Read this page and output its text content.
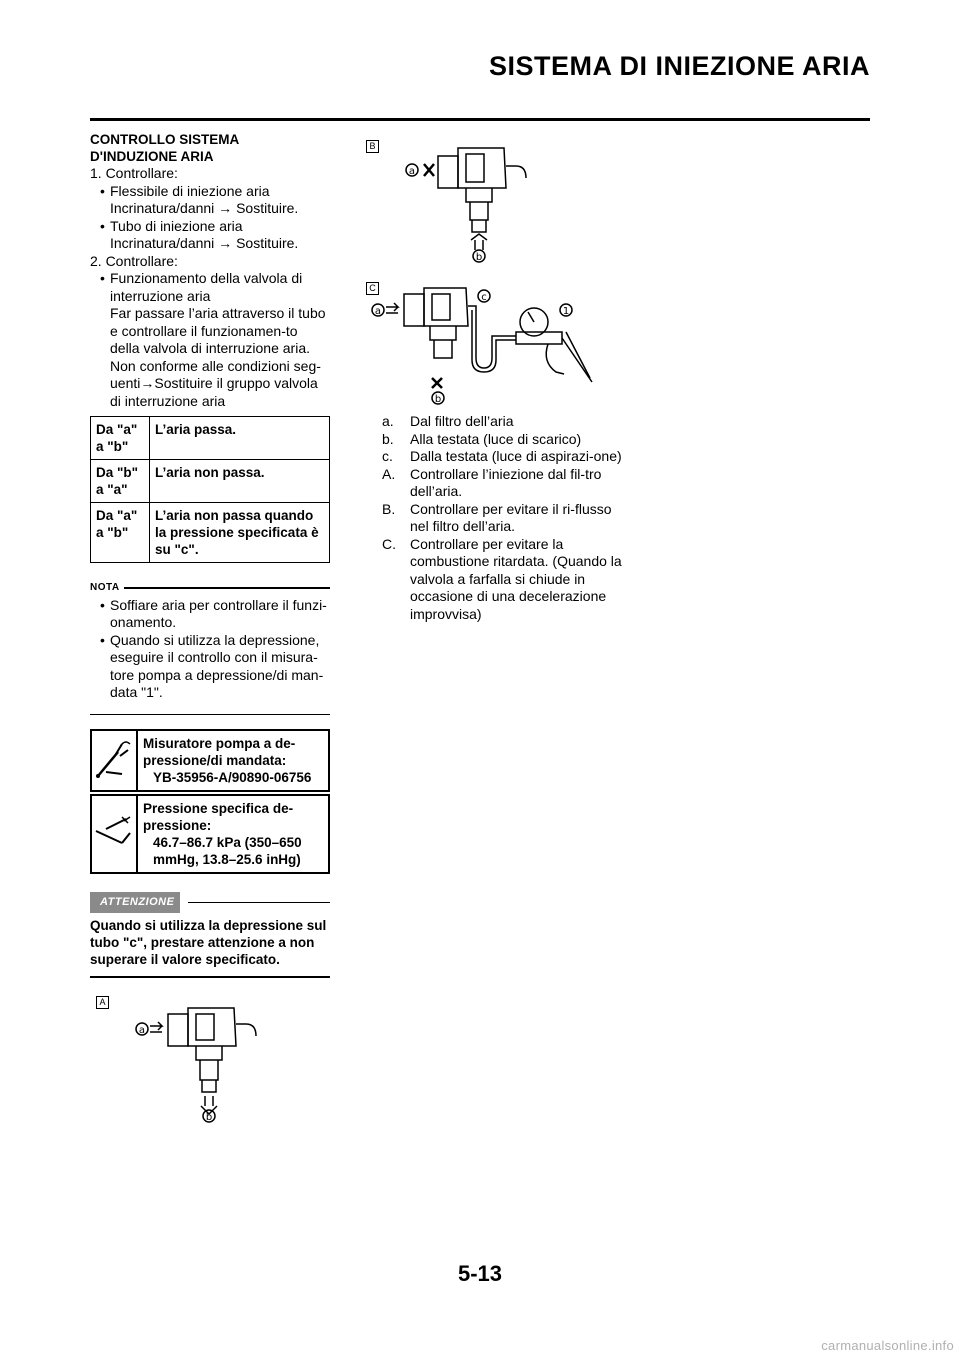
SISTEMA DI INIEZIONE ARIA
CONTROLLO SISTEMA
D'INDUZIONE ARIA
1. Controllare:
• Flessibile di iniezione aria
Incrinatura/danni → Sostituire.
• Tubo di iniezione aria
Incrinatura/danni → Sostituire.
2. Controllare:
• Funzionamento della valvola di interruzione aria
Far passare l’aria attraverso il tubo e controllare il funzionamen-to della valvola di interruzione aria.
Non conforme alle condizioni seg-uenti→Sostituire il gruppo valvola di interruzione aria
Da "a" a "b"	L’aria passa.
Da "b" a "a"	L’aria non passa.
Da "a" a "b"	L’aria non passa quando la pressione specificata è su "c".
NOTA
• Soffiare aria per controllare il funzi-onamento.
• Quando si utilizza la depressione, eseguire il controllo con il misura-tore pompa a depressione/di man-data "1".
Misuratore pompa a de-pressione/di mandata:
YB-35956-A/90890-06756
Pressione specifica de-pressione:
46.7–86.7 kPa (350–650 mmHg, 13.8–25.6 inHg)
ATTENZIONE
Quando si utilizza la depressione sul tubo "c", prestare attenzione a non superare il valore specificato.
A
a
b
B
a
b
C
a
c
1
b
a. Dal filtro dell’aria
b. Alla testata (luce di scarico)
c. Dalla testata (luce di aspirazi-one)
A. Controllare l’iniezione dal fil-tro dell’aria.
B. Controllare per evitare il ri-flusso nel filtro dell’aria.
C. Controllare per evitare la combustione ritardata. (Quando la valvola a farfalla si chiude in occasione di una decelerazione improvvisa)
5-13
carmanualsonline.info
